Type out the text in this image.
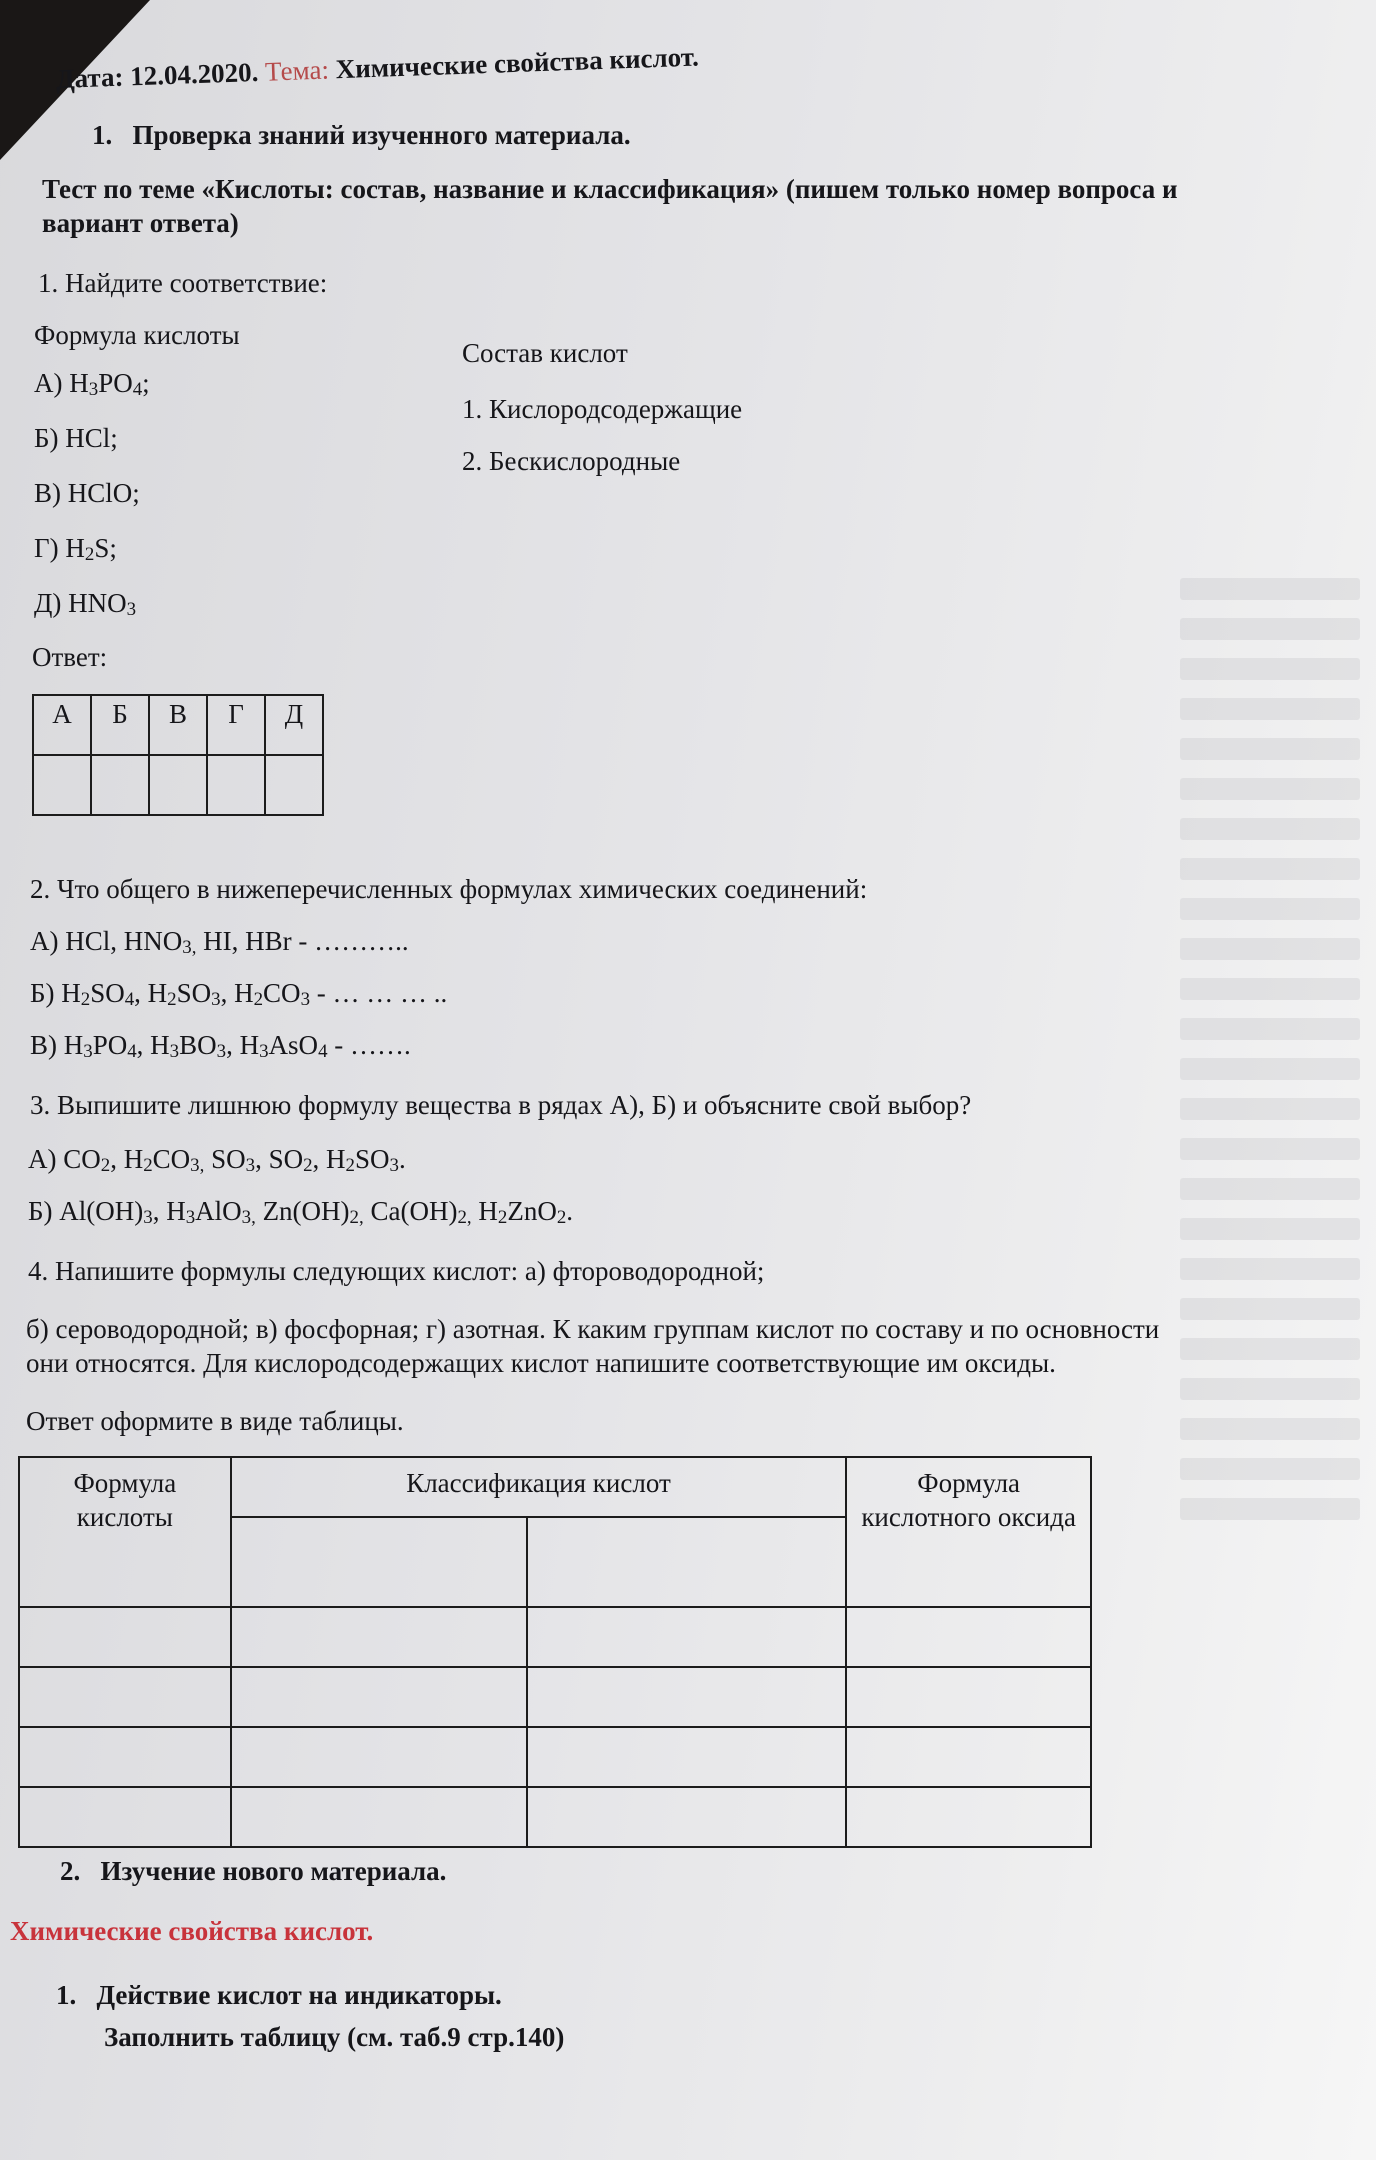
Дата: 12.04.2020. Тема: Химические свойства кислот.
1. Проверка знаний изученного материала.
Тест по теме «Кислоты: состав, название и классификация» (пишем только номер вопроса и
вариант ответа)
1. Найдите соответствие:
Формула кислоты
Состав кислот
А) H3PO4;
Б) HCl;
В) HClO;
Г) H2S;
Д) HNO3
1. Кислородсодержащие
2. Бескислородные
Ответ:
А	Б	В	Г	Д

2. Что общего в нижеперечисленных формулах химических соединений:
А) HCl, HNO3, HI, HBr - ………..
Б) H2SO4, H2SO3, H2CO3 - … … … ..
В) H3PO4, H3BO3, H3AsO4 - …….
3. Выпишите лишнюю формулу вещества в рядах А), Б) и объясните свой выбор?
А) CO2, H2CO3, SO3, SO2, H2SO3.
Б) Al(OH)3, H3AlO3, Zn(OH)2, Ca(OH)2, H2ZnO2.
4. Напишите формулы следующих кислот: а) фтороводородной;
б) сероводородной; в) фосфорная; г) азотная. К каким группам кислот по составу и по основности
они относятся. Для кислородсодержащих кислот напишите соответствующие им оксиды.
Ответ оформите в виде таблицы.
Формула кислоты	Классификация кислот		Формула кислотного оксида

2. Изучение нового материала.
Химические свойства кислот.
1. Действие кислот на индикаторы.
Заполнить таблицу (см. таб.9 стр.140)
